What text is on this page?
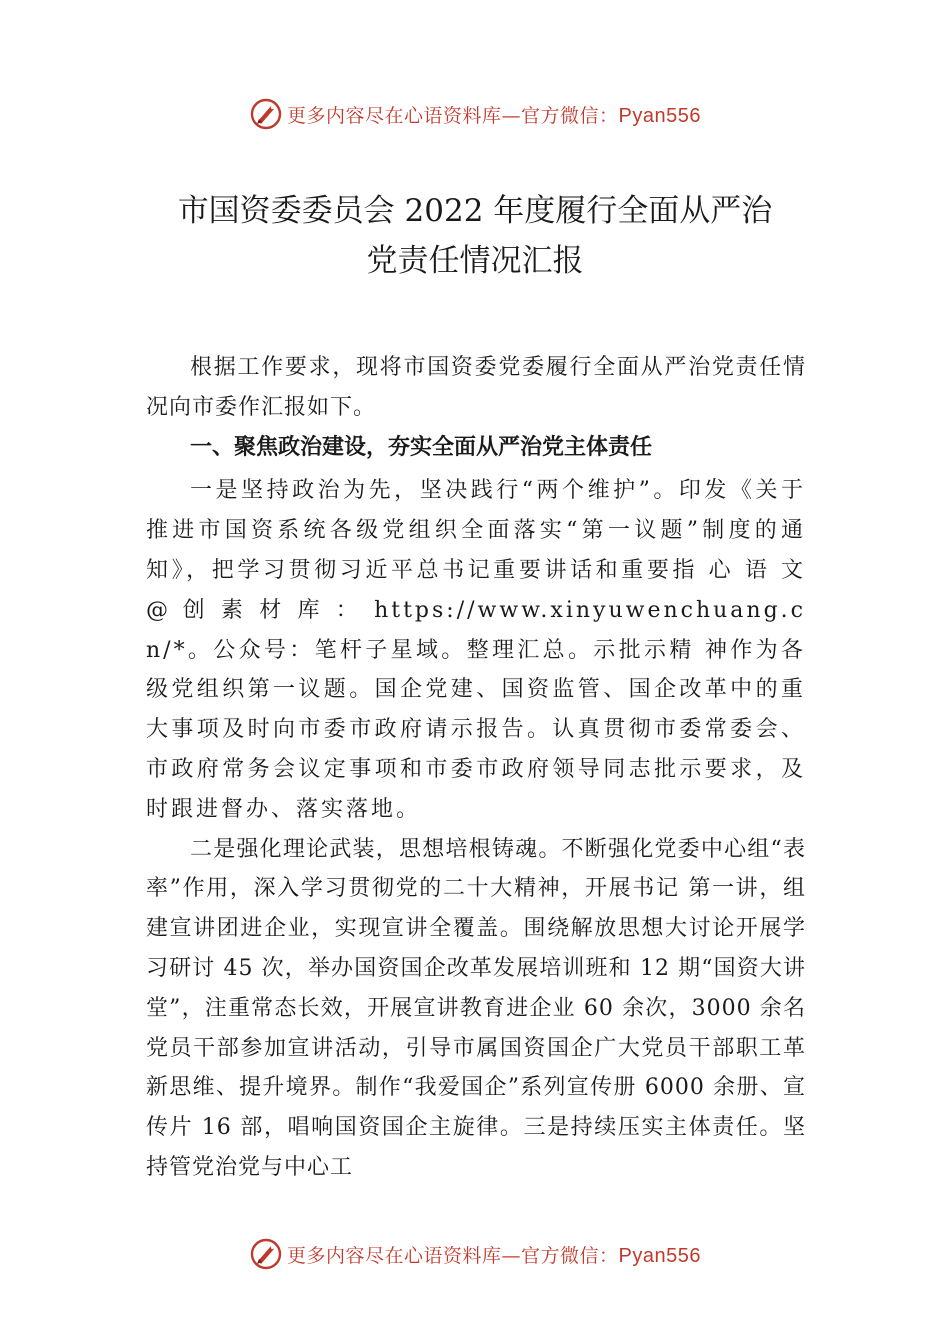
更多内容尽在心语资料库—官方微信：Pyan556
市国资委委员会 2022 年度履行全面从严治
党责任情况汇报

根据工作要求，现将市国资委党委履行全面从严治党责任情况向市委作汇报如下。

一、聚焦政治建设，夯实全面从严治党主体责任

一是坚持政治为先，坚决践行“两个维护”。印发《关于推进市国资系统各级党组织全面落实“第一议题”制度的通知》，把学习贯彻习近平总书记重要讲话和重要指 心 语 文 @ 创 素 材 库 ： https://www.xinyuwenchuang.cn/*。公众号：笔杆子星域。整理汇总。示批示精 神作为各级党组织第一议题。国企党建、国资监管、国企改革中的重大事项及时向市委市政府请示报告。认真贯彻市委常委会、市政府常务会议定事项和市委市政府领导同志批示要求，及时跟进督办、落实落地。

二是强化理论武装，思想培根铸魂。不断强化党委中心组“表率”作用，深入学习贯彻党的二十大精神，开展书记 第一讲，组建宣讲团进企业，实现宣讲全覆盖。围绕解放思想大讨论开展学习研讨 45 次，举办国资国企改革发展培训班和 12 期“国资大讲堂”，注重常态长效，开展宣讲教育进企业 60 余次，3000 余名党员干部参加宣讲活动，引导市属国资国企广大党员干部职工革新思维、提升境界。制作“我爱国企”系列宣传册 6000 余册、宣传片 16 部，唱响国资国企主旋律。三是持续压实主体责任。坚持管党治党与中心工

更多内容尽在心语资料库—官方微信：Pyan556
